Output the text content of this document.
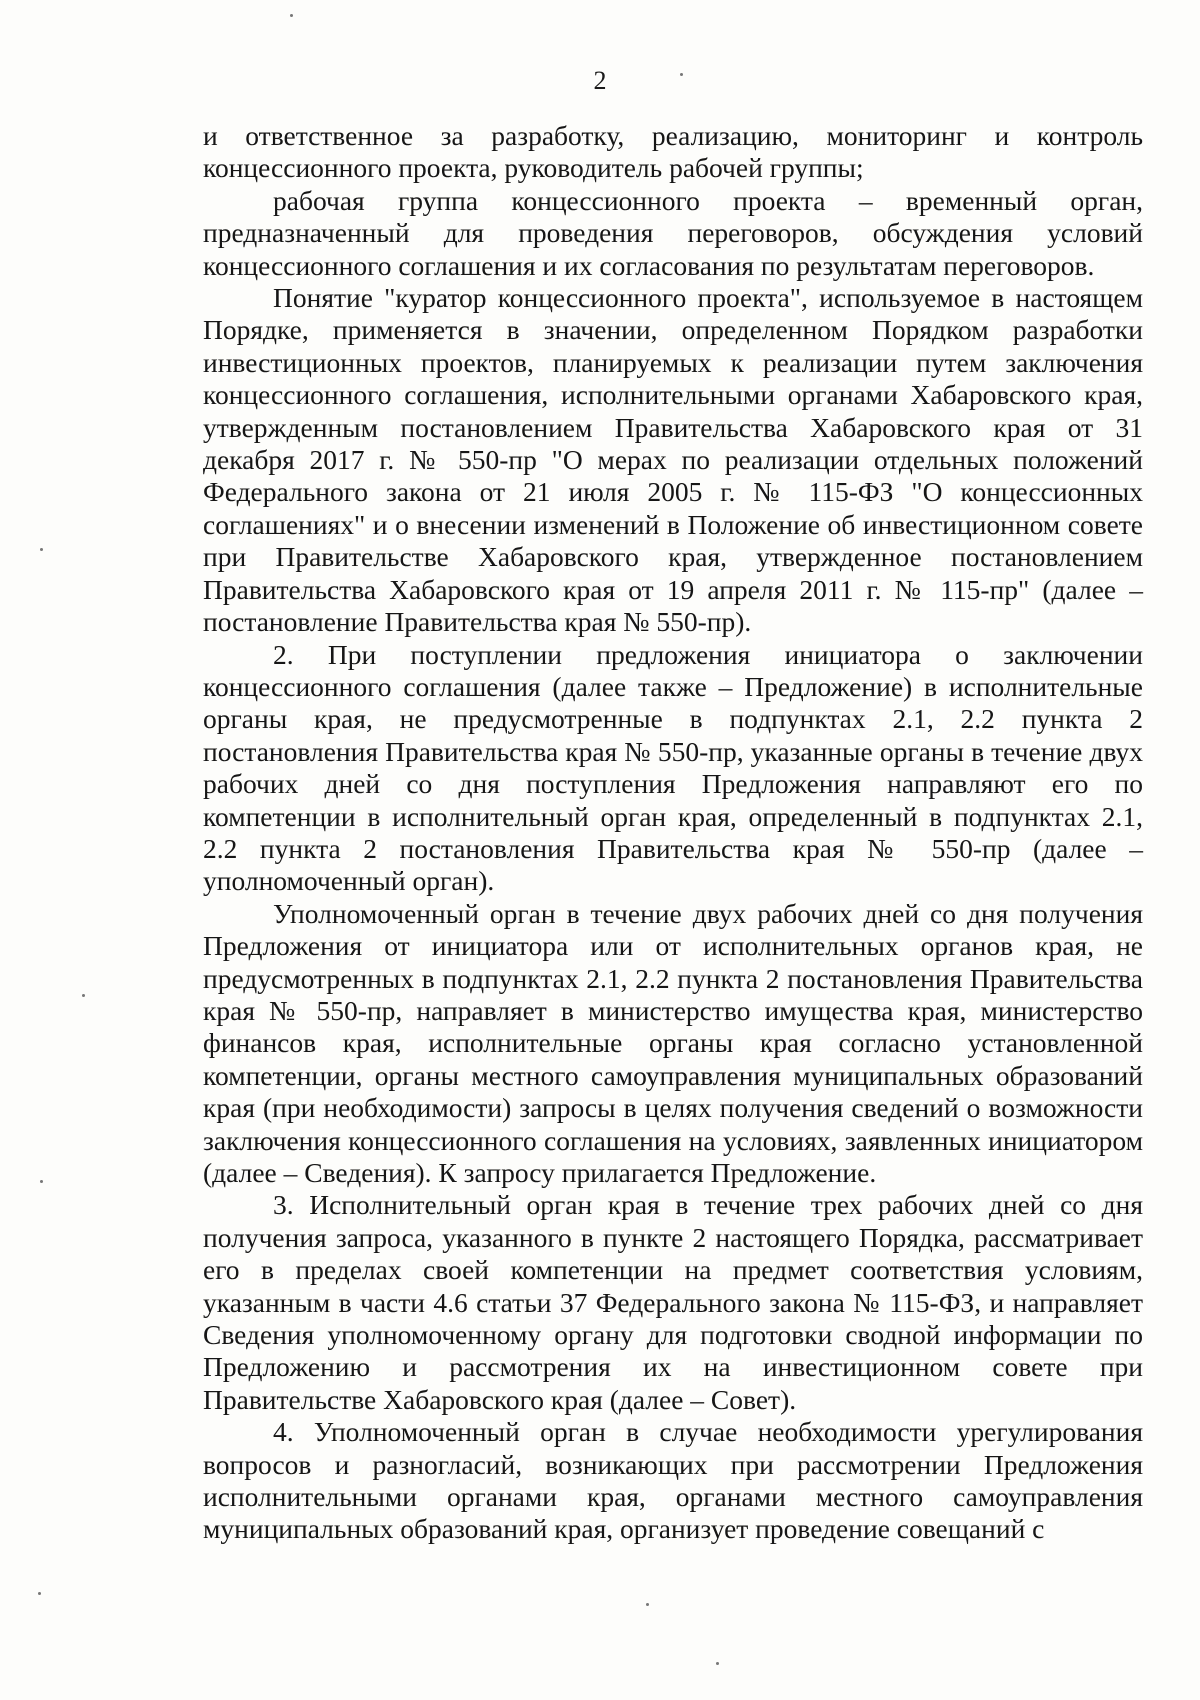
2

и ответственное за разработку, реализацию, мониторинг и контроль концессионного проекта, руководитель рабочей группы;

рабочая группа концессионного проекта – временный орган, предназначенный для проведения переговоров, обсуждения условий концессионного соглашения и их согласования по результатам переговоров.

Понятие "куратор концессионного проекта", используемое в настоящем Порядке, применяется в значении, определенном Порядком разработки инвестиционных проектов, планируемых к реализации путем заключения концессионного соглашения, исполнительными органами Хабаровского края, утвержденным постановлением Правительства Хабаровского края от 31 декабря 2017 г. № 550-пр "О мерах по реализации отдельных положений Федерального закона от 21 июля 2005 г. № 115-ФЗ "О концессионных соглашениях" и о внесении изменений в Положение об инвестиционном совете при Правительстве Хабаровского края, утвержденное постановлением Правительства Хабаровского края от 19 апреля 2011 г. № 115-пр" (далее – постановление Правительства края № 550-пр).

2. При поступлении предложения инициатора о заключении концессионного соглашения (далее также – Предложение) в исполнительные органы края, не предусмотренные в подпунктах 2.1, 2.2 пункта 2 постановления Правительства края № 550-пр, указанные органы в течение двух рабочих дней со дня поступления Предложения направляют его по компетенции в исполнительный орган края, определенный в подпунктах 2.1, 2.2 пункта 2 постановления Правительства края № 550-пр (далее – уполномоченный орган).

Уполномоченный орган в течение двух рабочих дней со дня получения Предложения от инициатора или от исполнительных органов края, не предусмотренных в подпунктах 2.1, 2.2 пункта 2 постановления Правительства края № 550-пр, направляет в министерство имущества края, министерство финансов края, исполнительные органы края согласно установленной компетенции, органы местного самоуправления муниципальных образований края (при необходимости) запросы в целях получения сведений о возможности заключения концессионного соглашения на условиях, заявленных инициатором (далее – Сведения). К запросу прилагается Предложение.

3. Исполнительный орган края в течение трех рабочих дней со дня получения запроса, указанного в пункте 2 настоящего Порядка, рассматривает его в пределах своей компетенции на предмет соответствия условиям, указанным в части 4.6 статьи 37 Федерального закона № 115-ФЗ, и направляет Сведения уполномоченному органу для подготовки сводной информации по Предложению и рассмотрения их на инвестиционном совете при Правительстве Хабаровского края (далее – Совет).

4. Уполномоченный орган в случае необходимости урегулирования вопросов и разногласий, возникающих при рассмотрении Предложения исполнительными органами края, органами местного самоуправления муниципальных образований края, организует проведение совещаний с
